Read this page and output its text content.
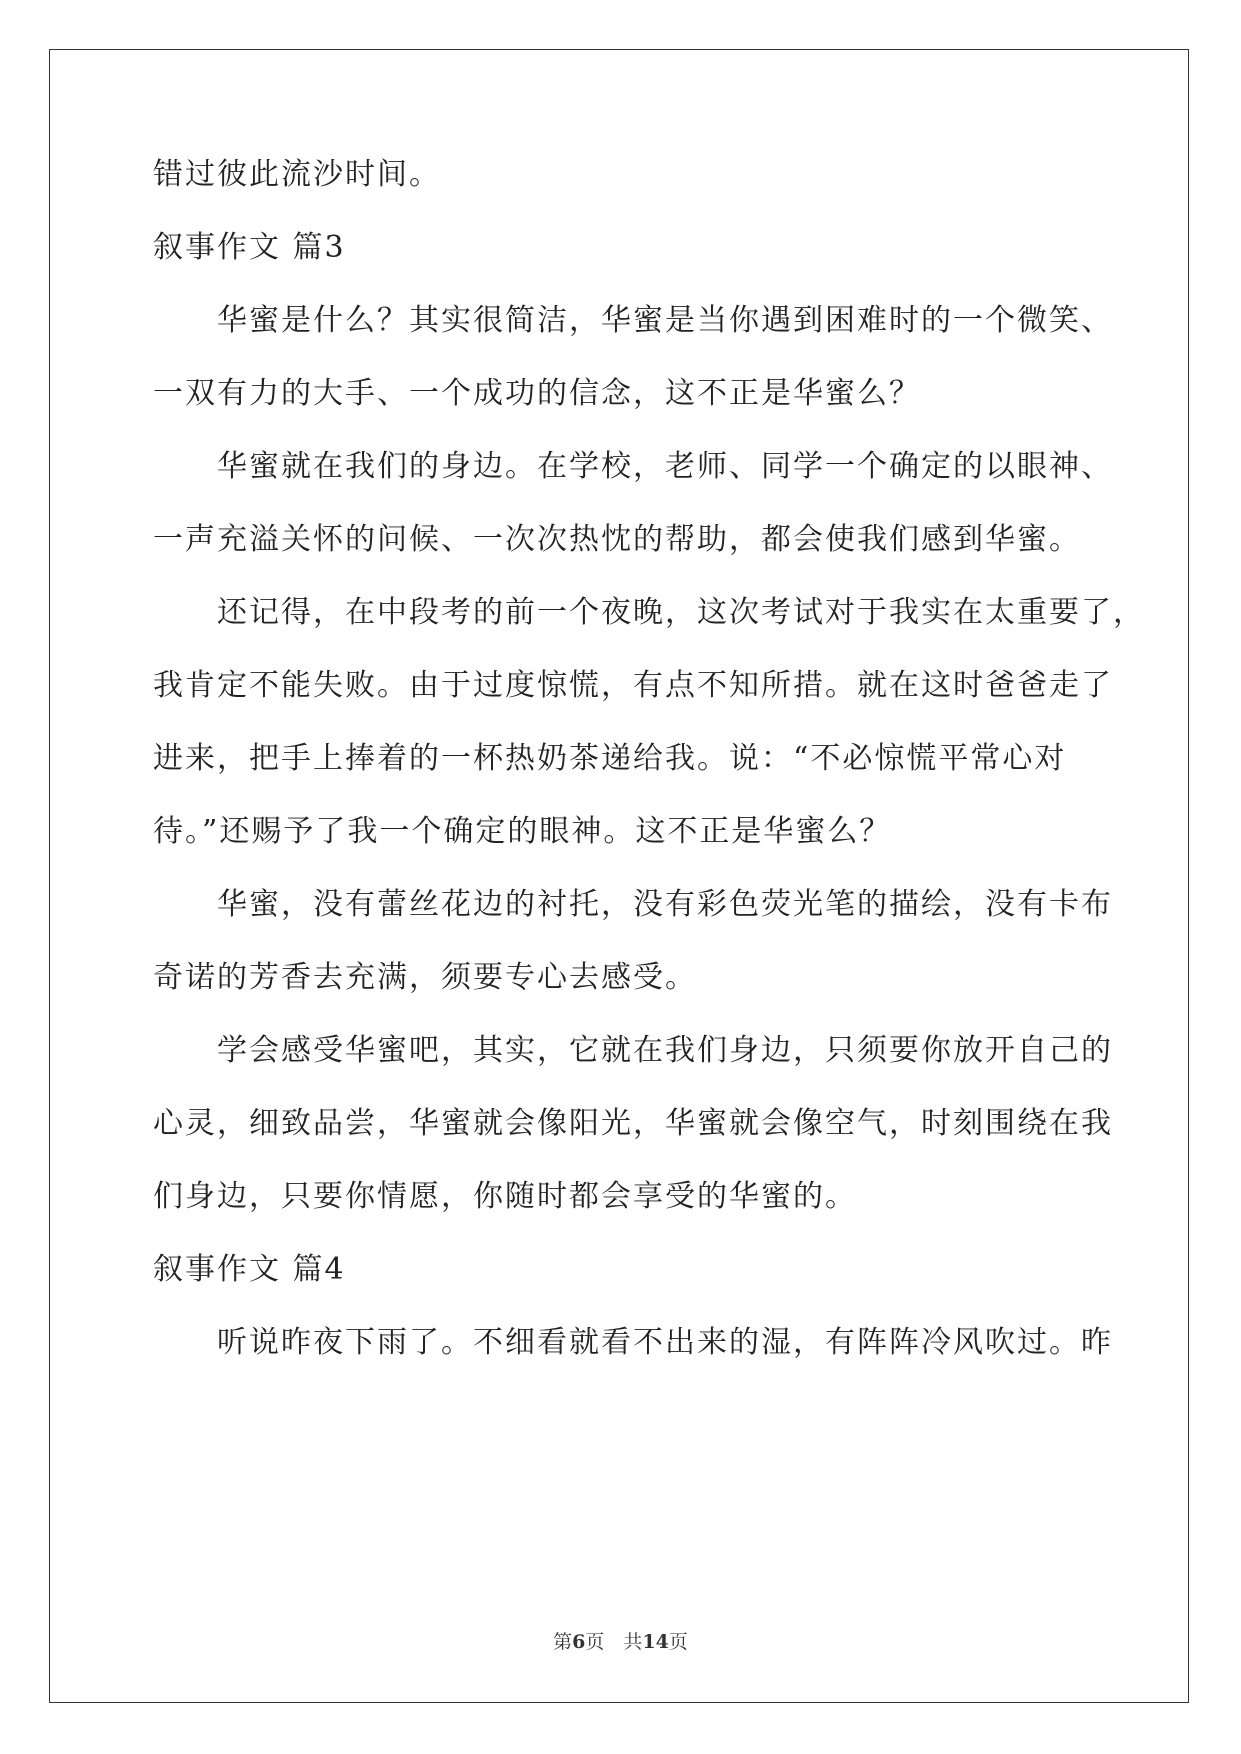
错过彼此流沙时间。

叙事作文 篇3

华蜜是什么？其实很简洁，华蜜是当你遇到困难时的一个微笑、

一双有力的大手、一个成功的信念，这不正是华蜜么？

华蜜就在我们的身边。在学校，老师、同学一个确定的以眼神、

一声充溢关怀的问候、一次次热忱的帮助，都会使我们感到华蜜。

还记得，在中段考的前一个夜晚，这次考试对于我实在太重要了，

我肯定不能失败。由于过度惊慌，有点不知所措。就在这时爸爸走了

进来，把手上捧着的一杯热奶茶递给我。说：“不必惊慌平常心对

待。”还赐予了我一个确定的眼神。这不正是华蜜么？

华蜜，没有蕾丝花边的衬托，没有彩色荧光笔的描绘，没有卡布

奇诺的芳香去充满，须要专心去感受。

学会感受华蜜吧，其实，它就在我们身边，只须要你放开自己的

心灵，细致品尝，华蜜就会像阳光，华蜜就会像空气，时刻围绕在我

们身边，只要你情愿，你随时都会享受的华蜜的。

叙事作文 篇4

听说昨夜下雨了。不细看就看不出来的湿，有阵阵冷风吹过。昨

第6页　共14页
